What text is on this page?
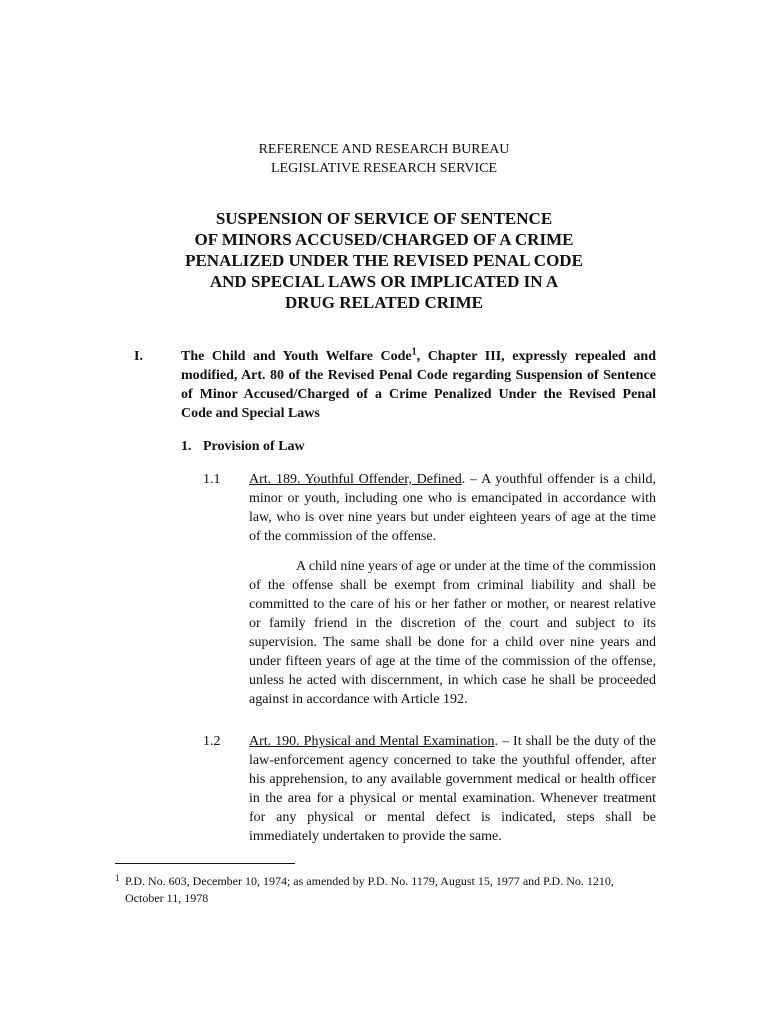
REFERENCE AND RESEARCH BUREAU
LEGISLATIVE RESEARCH SERVICE
SUSPENSION OF SERVICE OF SENTENCE
OF MINORS ACCUSED/CHARGED OF A CRIME
PENALIZED UNDER THE REVISED PENAL CODE
AND SPECIAL LAWS OR IMPLICATED IN A
DRUG RELATED CRIME
I.	The Child and Youth Welfare Code$^1$, Chapter III, expressly repealed and modified, Art. 80 of the Revised Penal Code regarding Suspension of Sentence of Minor Accused/Charged of a Crime Penalized Under the Revised Penal Code and Special Laws
1. Provision of Law
1.1 Art. 189. Youthful Offender, Defined. – A youthful offender is a child, minor or youth, including one who is emancipated in accordance with law, who is over nine years but under eighteen years of age at the time of the commission of the offense.
A child nine years of age or under at the time of the commission of the offense shall be exempt from criminal liability and shall be committed to the care of his or her father or mother, or nearest relative or family friend in the discretion of the court and subject to its supervision. The same shall be done for a child over nine years and under fifteen years of age at the time of the commission of the offense, unless he acted with discernment, in which case he shall be proceeded against in accordance with Article 192.
1.2 Art. 190. Physical and Mental Examination. – It shall be the duty of the law-enforcement agency concerned to take the youthful offender, after his apprehension, to any available government medical or health officer in the area for a physical or mental examination. Whenever treatment for any physical or mental defect is indicated, steps shall be immediately undertaken to provide the same.
1 P.D. No. 603, December 10, 1974; as amended by P.D. No. 1179, August 15, 1977 and P.D. No. 1210, October 11, 1978
